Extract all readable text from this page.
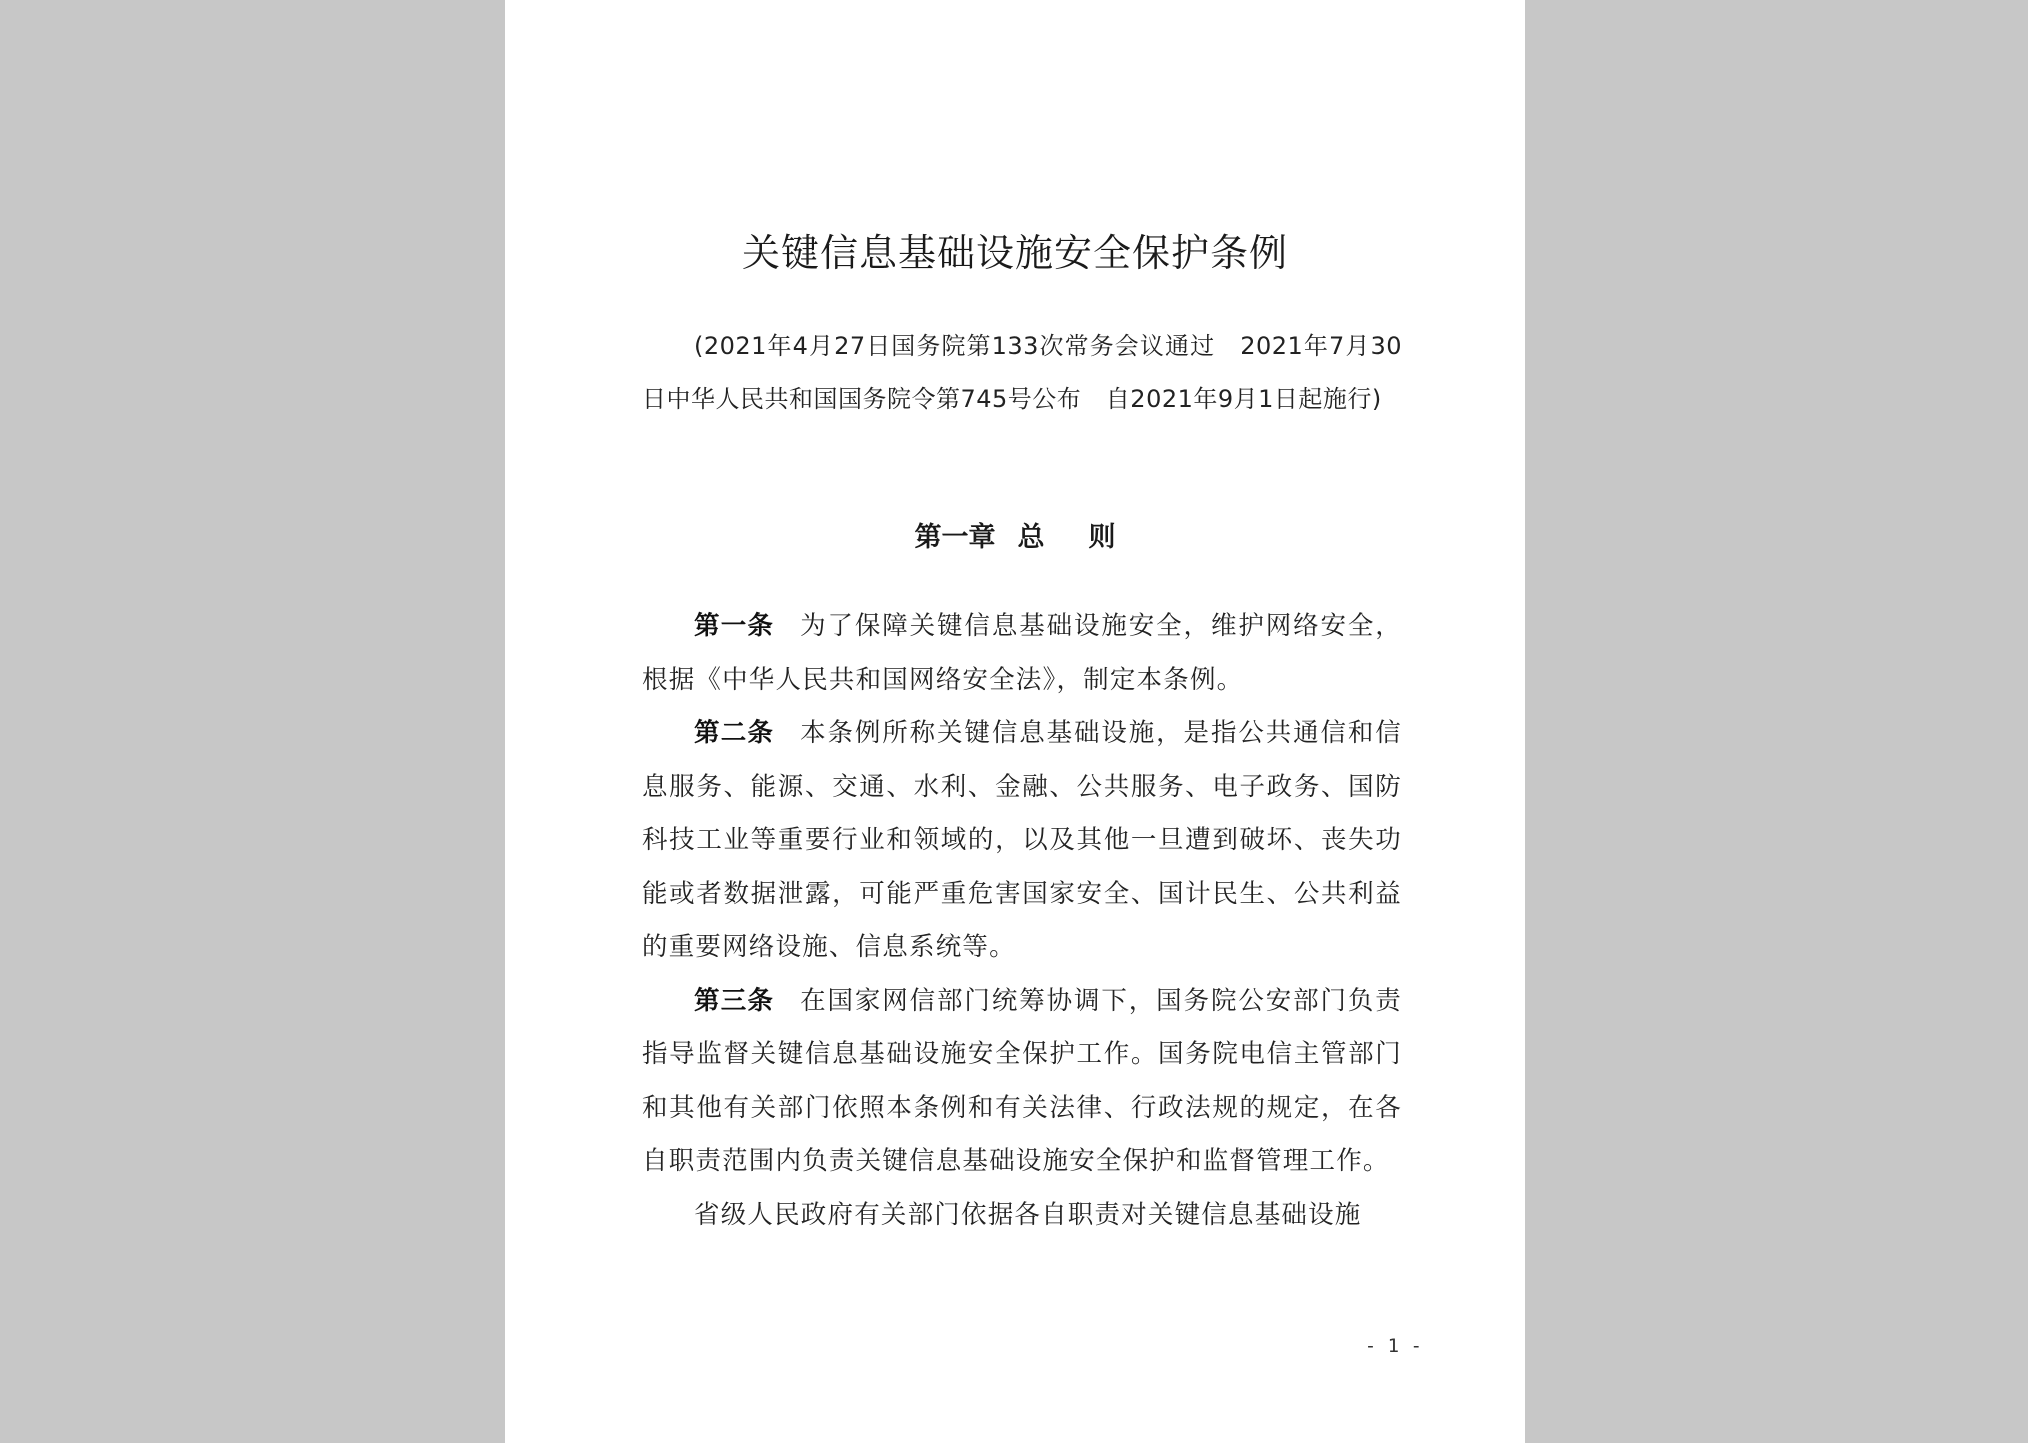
关键信息基础设施安全保护条例
(2021年4月27日国务院第133次常务会议通过　2021年7月30日中华人民共和国国务院令第745号公布　自2021年9月1日起施行)
第一章 总 则

第一条 为了保障关键信息基础设施安全，维护网络安全，根据《中华人民共和国网络安全法》，制定本条例。

第二条 本条例所称关键信息基础设施，是指公共通信和信息服务、能源、交通、水利、金融、公共服务、电子政务、国防科技工业等重要行业和领域的，以及其他一旦遭到破坏、丧失功能或者数据泄露，可能严重危害国家安全、国计民生、公共利益的重要网络设施、信息系统等。

第三条 在国家网信部门统筹协调下，国务院公安部门负责指导监督关键信息基础设施安全保护工作。国务院电信主管部门和其他有关部门依照本条例和有关法律、行政法规的规定，在各自职责范围内负责关键信息基础设施安全保护和监督管理工作。

省级人民政府有关部门依据各自职责对关键信息基础设施

- 1 -
